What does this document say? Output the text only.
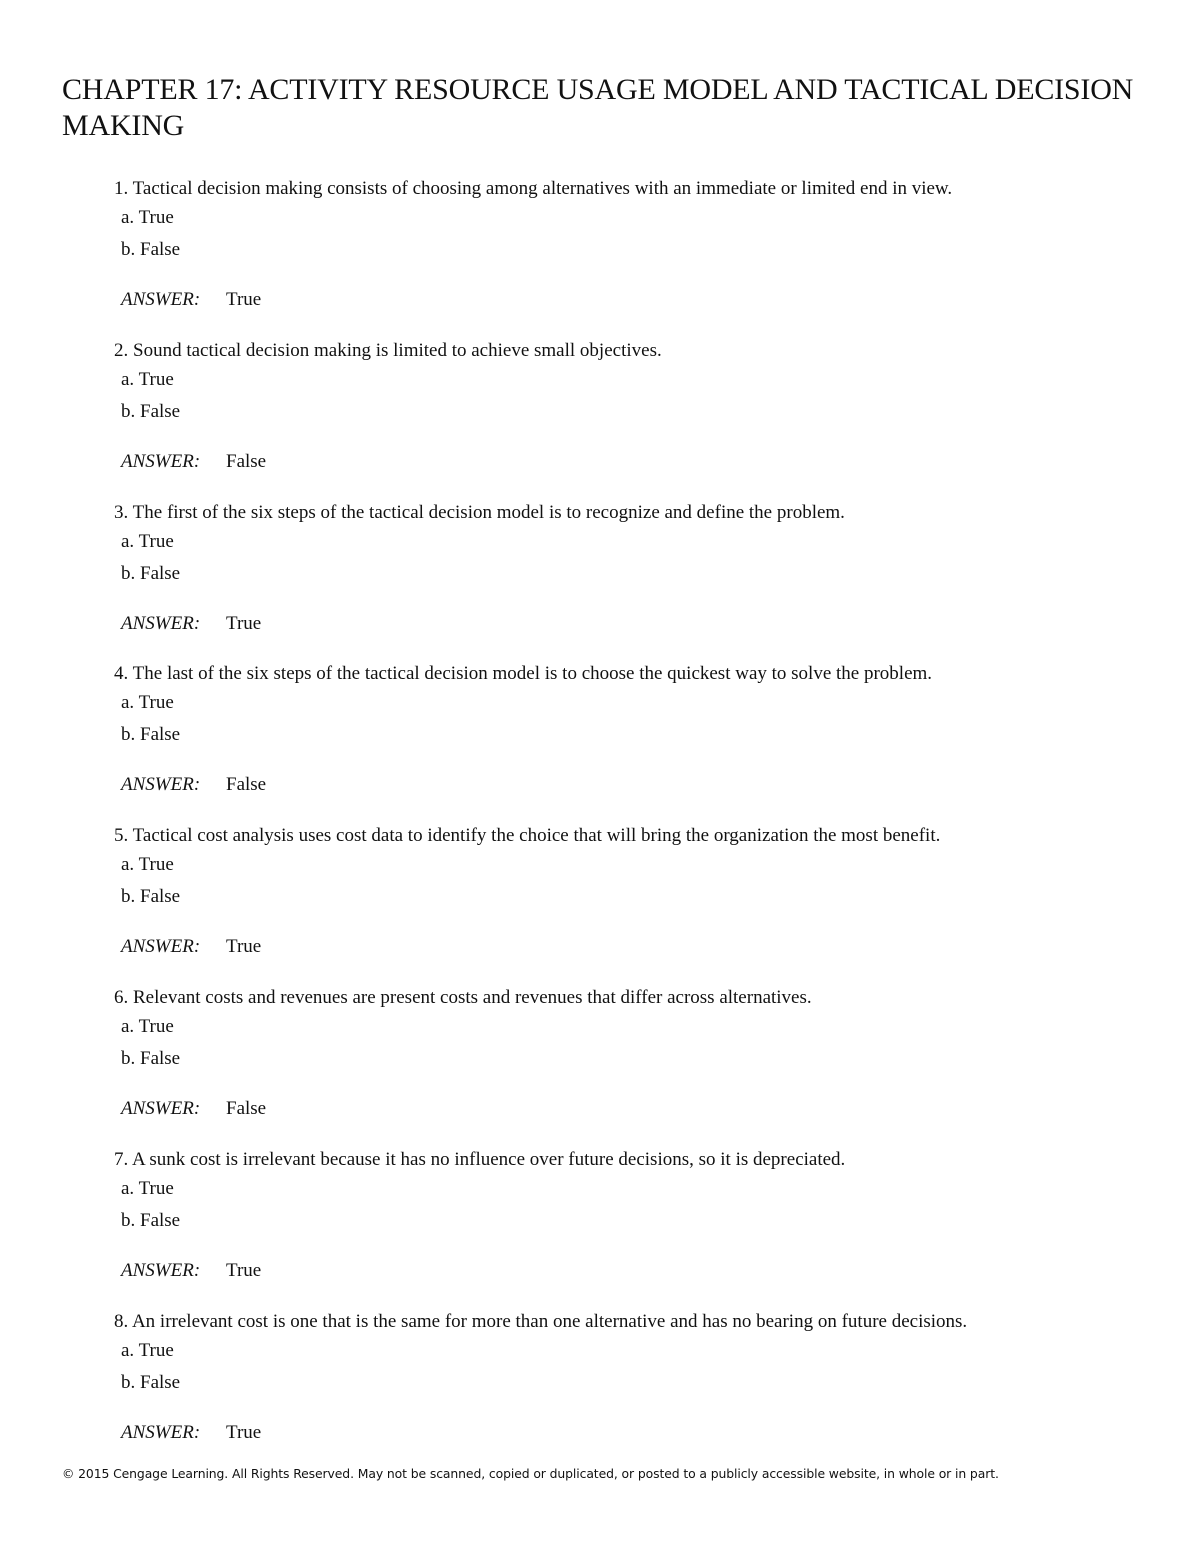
CHAPTER 17: ACTIVITY RESOURCE USAGE MODEL AND TACTICAL DECISION MAKING
1. Tactical decision making consists of choosing among alternatives with an immediate or limited end in view.
a. True
b. False
ANSWER: True
2. Sound tactical decision making is limited to achieve small objectives.
a. True
b. False
ANSWER: False
3. The first of the six steps of the tactical decision model is to recognize and define the problem.
a. True
b. False
ANSWER: True
4. The last of the six steps of the tactical decision model is to choose the quickest way to solve the problem.
a. True
b. False
ANSWER: False
5. Tactical cost analysis uses cost data to identify the choice that will bring the organization the most benefit.
a. True
b. False
ANSWER: True
6. Relevant costs and revenues are present costs and revenues that differ across alternatives.
a. True
b. False
ANSWER: False
7. A sunk cost is irrelevant because it has no influence over future decisions, so it is depreciated.
a. True
b. False
ANSWER: True
8. An irrelevant cost is one that is the same for more than one alternative and has no bearing on future decisions.
a. True
b. False
ANSWER: True
© 2015 Cengage Learning. All Rights Reserved. May not be scanned, copied or duplicated, or posted to a publicly accessible website, in whole or in part.
